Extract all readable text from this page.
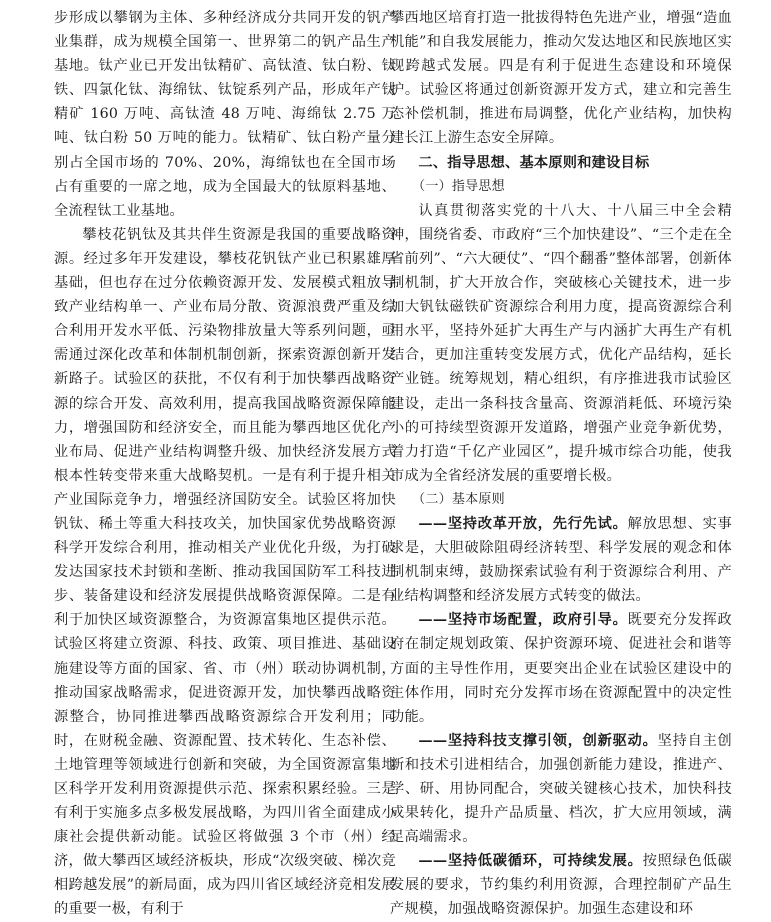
步形成以攀钢为主体、多种经济成分共同开发的钒产业集群，成为规模全国第一、世界第二的钒产品生产基地。钛产业已开发出钛精矿、高钛渣、钛白粉、钛铁、四氯化钛、海绵钛、钛锭系列产品，形成年产钛精矿 160 万吨、高钛渣 48 万吨、海绵钛 2.75 万吨、钛白粉 50 万吨的能力。钛精矿、钛白粉产量分别占全国市场的 70%、20%，海绵钛也在全国市场占有重要的一席之地，成为全国最大的钛原料基地、全流程钛工业基地。

攀枝花钒钛及其共伴生资源是我国的重要战略资源。经过多年开发建设，攀枝花钒钛产业已积累雄厚基础，但也存在过分依赖资源开发、发展模式粗放导致产业结构单一、产业布局分散、资源浪费严重及综合利用开发水平低、污染物排放量大等系列问题，亟需通过深化改革和体制机制创新，探索资源创新开发新路子。试验区的获批，不仅有利于加快攀西战略资源的综合开发、高效利用，提高我国战略资源保障能力，增强国防和经济安全，而且能为攀西地区优化产业布局、促进产业结构调整升级、加快经济发展方式根本性转变带来重大战略契机。一是有利于提升相关产业国际竞争力，增强经济国防安全。试验区将加快钒钛、稀土等重大科技攻关，加快国家优势战略资源科学开发综合利用，推动相关产业优化升级，为打破发达国家技术封锁和垄断、推动我国国防军工科技进步、装备建设和经济发展提供战略资源保障。二是有利于加快区域资源整合，为资源富集地区提供示范。试验区将建立资源、科技、政策、项目推进、基础设施建设等方面的国家、省、市（州）联动协调机制，推动国家战略需求，促进资源开发，加快攀西战略资源整合，协同推进攀西战略资源综合开发利用；同时，在财税金融、资源配置、技术转化、生态补偿、土地管理等领域进行创新和突破，为全国资源富集地区科学开发利用资源提供示范、探索积累经验。三是有利于实施多点多极发展战略，为四川省全面建成小康社会提供新动能。试验区将做强 3 个市（州）经济，做大攀西区域经济板块，形成“次级突破、梯次竞相跨越发展”的新局面，成为四川省区域经济竞相发展的重要一极，有利于

攀西地区培育打造一批拔得特色先进产业，增强“造血机能”和自我发展能力，推动欠发达地区和民族地区实现跨越式发展。四是有利于促进生态建设和环境保护。试验区将通过创新资源开发方式，建立和完善生态补偿机制，推进布局调整，优化产业结构，加快构建长江上游生态安全屏障。

二、指导思想、基本原则和建设目标

（一）指导思想

认真贯彻落实党的十八大、十八届三中全会精神，围绕省委、市政府“三个加快建设”、“三个走在全省前列”、“六大硬仗”、“四个翻番”整体部署，创新体制机制，扩大开放合作，突破核心关键技术，进一步加大钒钛磁铁矿资源综合利用力度，提高资源综合利用水平，坚持外延扩大再生产与内涵扩大再生产有机结合，更加注重转变发展方式，优化产品结构，延长产业链。统筹规划，精心组织，有序推进我市试验区建设，走出一条科技含量高、资源消耗低、环境污染小的可持续型资源开发道路，增强产业竞争新优势，着力打造“千亿产业园区”，提升城市综合功能，使我市成为全省经济发展的重要增长极。

（二）基本原则

——坚持改革开放，先行先试。解放思想、实事求是，大胆破除阻碍经济转型、科学发展的观念和体制机制束缚，鼓励探索试验有利于资源综合利用、产业结构调整和经济发展方式转变的做法。

——坚持市场配置，政府引导。既要充分发挥政府在制定规划政策、保护资源环境、促进社会和谐等方面的主导性作用，更要突出企业在试验区建设中的主体作用，同时充分发挥市场在资源配置中的决定性功能。

——坚持科技支撑引领，创新驱动。坚持自主创新和技术引进相结合，加强创新能力建设，推进产、学、研、用协同配合，突破关键核心技术，加快科技成果转化，提升产品质量、档次，扩大应用领域，满足高端需求。

——坚持低碳循环，可持续发展。按照绿色低碳发展的要求，节约集约利用资源，合理控制矿产品生产规模，加强战略资源保护。加强生态建设和环
